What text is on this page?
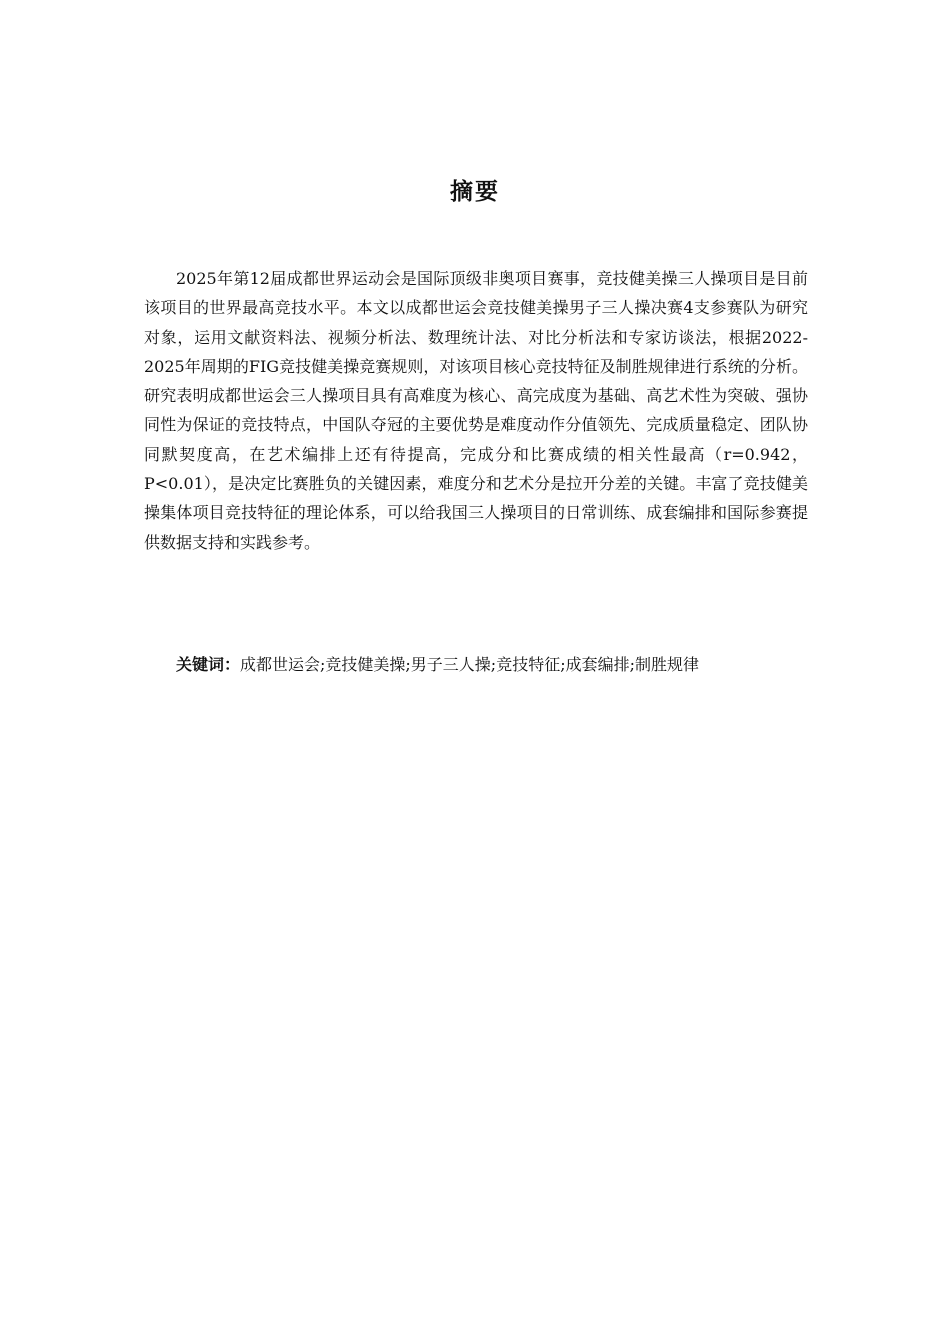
摘要

2025年第12届成都世界运动会是国际顶级非奥项目赛事，竞技健美操三人操项目是目前该项目的世界最高竞技水平。本文以成都世运会竞技健美操男子三人操决赛4支参赛队为研究对象，运用文献资料法、视频分析法、数理统计法、对比分析法和专家访谈法，根据2022-2025年周期的FIG竞技健美操竞赛规则，对该项目核心竞技特征及制胜规律进行系统的分析。研究表明成都世运会三人操项目具有高难度为核心、高完成度为基础、高艺术性为突破、强协同性为保证的竞技特点，中国队夺冠的主要优势是难度动作分值领先、完成质量稳定、团队协同默契度高，在艺术编排上还有待提高，完成分和比赛成绩的相关性最高（r=0.942，P<0.01），是决定比赛胜负的关键因素，难度分和艺术分是拉开分差的关键。丰富了竞技健美操集体项目竞技特征的理论体系，可以给我国三人操项目的日常训练、成套编排和国际参赛提供数据支持和实践参考。

关键词：成都世运会;竞技健美操;男子三人操;竞技特征;成套编排;制胜规律
